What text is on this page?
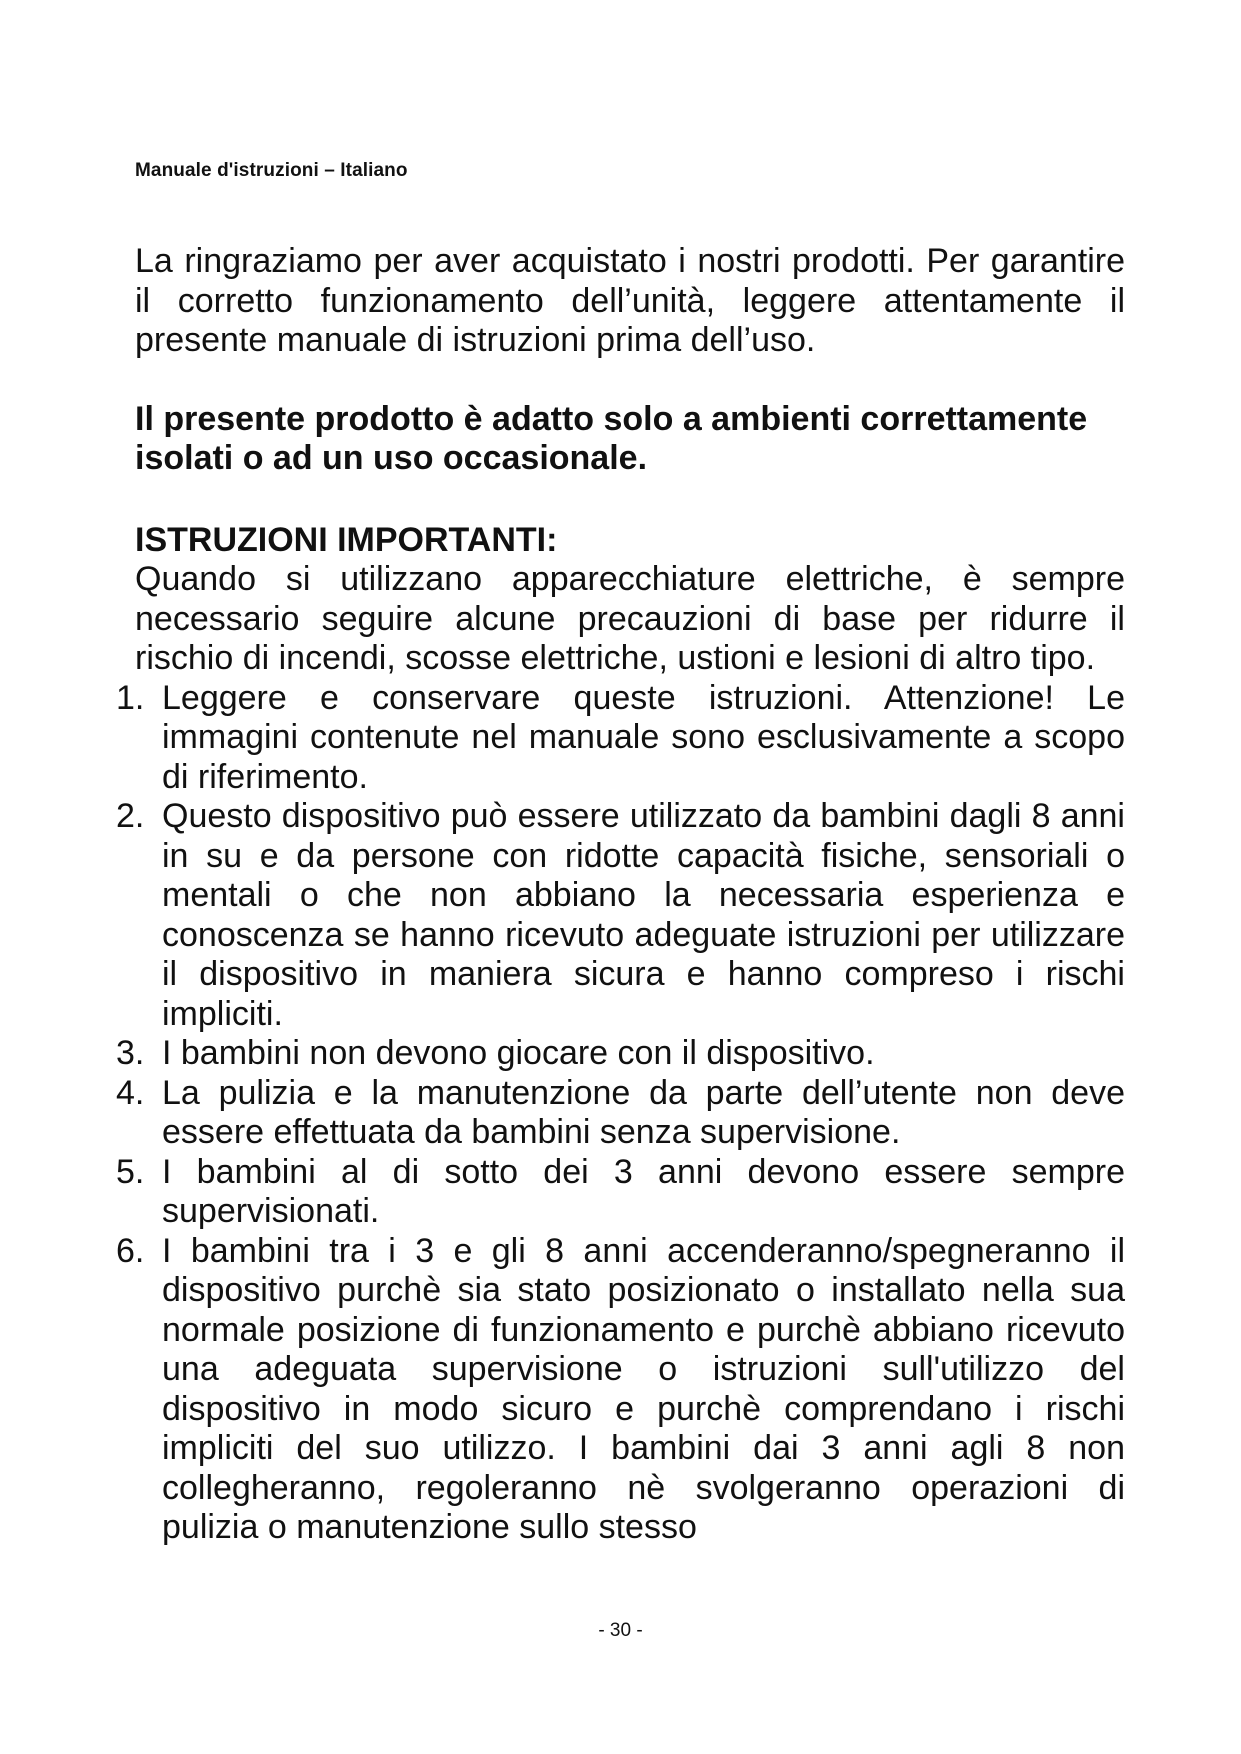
Manuale d'istruzioni – Italiano

La ringraziamo per aver acquistato i nostri prodotti. Per garantire il corretto funzionamento dell’unità, leggere attentamente il presente manuale di istruzioni prima dell’uso.

Il presente prodotto è adatto solo a ambienti correttamente isolati o ad un uso occasionale.

ISTRUZIONI IMPORTANTI:

Quando si utilizzano apparecchiature elettriche, è sempre necessario seguire alcune precauzioni di base per ridurre il rischio di incendi, scosse elettriche, ustioni e lesioni di altro tipo.

1. Leggere e conservare queste istruzioni. Attenzione! Le immagini contenute nel manuale sono esclusivamente a scopo di riferimento.
2. Questo dispositivo può essere utilizzato da bambini dagli 8 anni in su e da persone con ridotte capacità fisiche, sensoriali o mentali o che non abbiano la necessaria esperienza e conoscenza se hanno ricevuto adeguate istruzioni per utilizzare il dispositivo in maniera sicura e hanno compreso i rischi impliciti.
3. I bambini non devono giocare con il dispositivo.
4. La pulizia e la manutenzione da parte dell’utente non deve essere effettuata da bambini senza supervisione.
5. I bambini al di sotto dei 3 anni devono essere sempre supervisionati.
6. I bambini tra i 3 e gli 8 anni accenderanno/spegneranno il dispositivo purchè sia stato posizionato o installato nella sua normale posizione di funzionamento e purchè abbiano ricevuto una adeguata supervisione o istruzioni sull'utilizzo del dispositivo in modo sicuro e purchè comprendano i rischi impliciti del suo utilizzo. I bambini dai 3 anni agli 8 non collegheranno, regoleranno nè svolgeranno operazioni di pulizia o manutenzione sullo stesso
- 30 -
